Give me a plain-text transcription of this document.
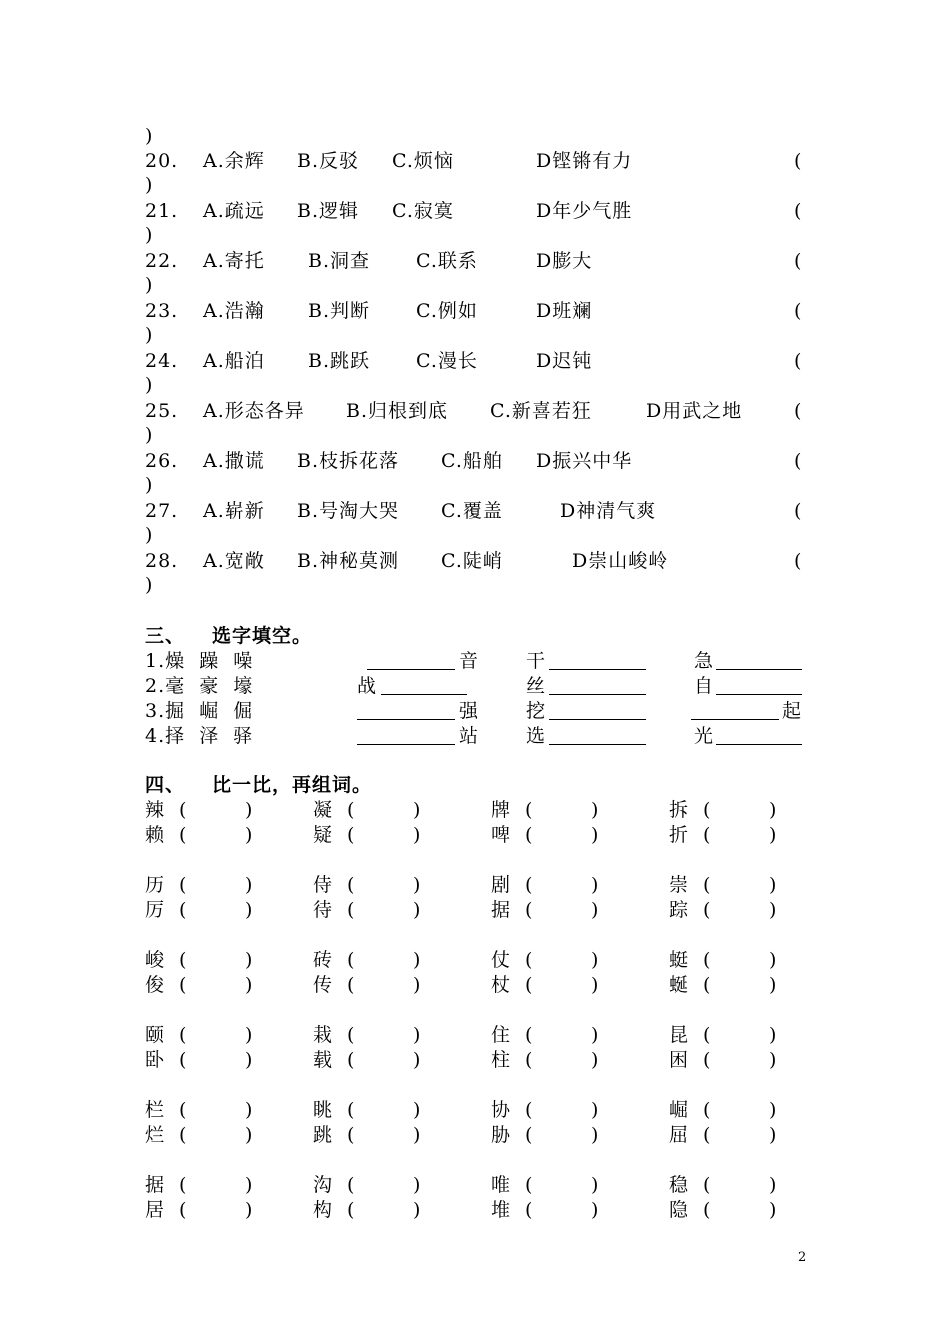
)
20. A.余辉 B.反驳 C.烦恼	D铿锵有力	(
)
21. A.疏远 B.逻辑 C.寂寞	D年少气胜	(
)
22. A.寄托 B.洞查 C.联系	D膨大	(
)
23. A.浩瀚 B.判断 C.例如	D班斓	(
)
24. A.船泊 B.跳跃 C.漫长	D迟钝	(
)
25. A.形态各异 B.归根到底 C.新喜若狂	D用武之地	(
)
26. A.撒谎 B.枝拆花落 C.船舶 D振兴中华	(
)
27. A.崭新 B.号淘大哭 C.覆盖	D神清气爽	(
)
28. A.宽敞 B.神秘莫测 C.陡峭	D崇山峻岭	(
)
三、 选字填空。
1.燥  躁  噪	音 干	急
2.毫  豪  壕	战	丝	自
3.掘  崛  倔	强 挖	起
4.择  泽  驿	站 选	光
四、 比一比，再组词。
辣 (	)	凝 (	)	牌 (	)	拆 (	)
赖 (	)	疑 (	)	啤 (	)	折 (	)
历 (	)	侍 (	)	剧 (	)	崇 (	)
厉 (	)	待 (	)	据 (	)	踪 (	)
峻 (	)	砖 (	)	仗 (	)	蜓 (	)
俊 (	)	传 (	)	杖 (	)	蜒 (	)
颐 (	)	栽 (	)	住 (	)	昆 (	)
卧 (	)	载 (	)	柱 (	)	困 (	)
栏 (	)	眺 (	)	协 (	)	崛 (	)
烂 (	)	跳 (	)	胁 (	)	屈 (	)
据 (	)	沟 (	)	唯 (	)	稳 (	)
居 (	)	构 (	)	堆 (	)	隐 (	)
2
